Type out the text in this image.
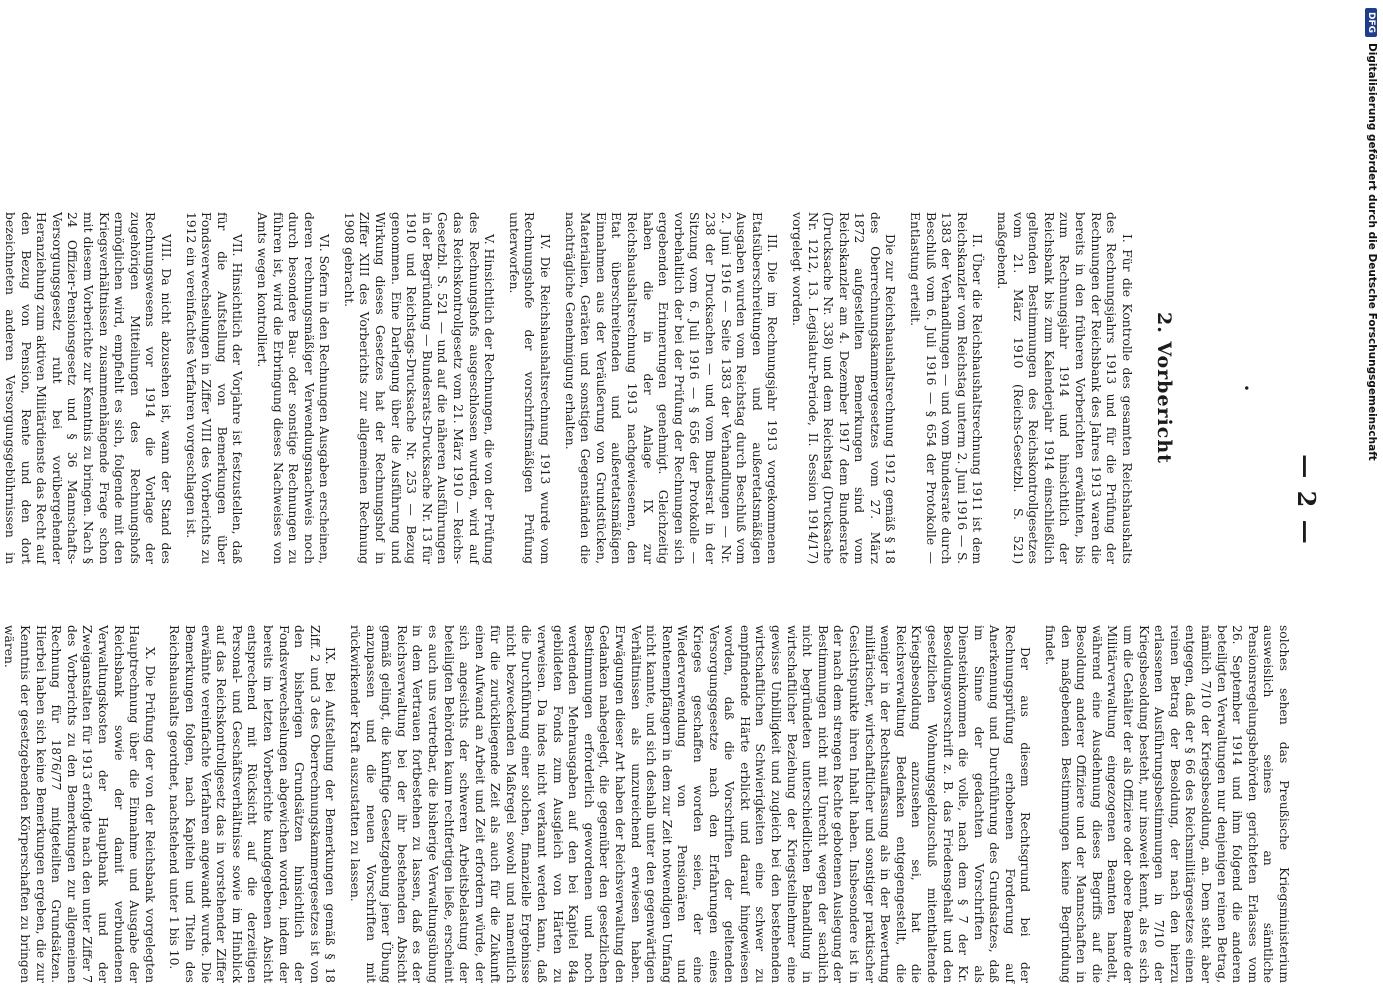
— 2 —
•
2. Vorbericht

I. Für die Kontrolle des gesamten Reichshaushalts des Rechnungsjahrs 1913 und für die Prüfung der Rechnungen der Reichsbank des Jahres 1913 waren die bereits in den früheren Vorberichten erwähnten, bis zum Rechnungsjahr 1914 und hinsichtlich der Reichsbank bis zum Kalenderjahr 1914 einschließlich geltenden Bestimmungen des Reichskontrollgesetzes vom 21. März 1910 (Reichs-Gesetzbl. S. 521) maßgebend.

II. Über die Reichshaushaltsrechnung 1911 ist dem Reichskanzler vom Reichstag unterm 2. Juni 1916 — S. 1383 der Verhandlungen — und vom Bundesrate durch Beschluß vom 6. Juli 1916 — § 654 der Protokolle — Entlastung erteilt.

Die zur Reichshaushaltsrechnung 1912 gemäß § 18 des Oberrechnungskammergesetzes vom 27. März 1872 aufgestellten Bemerkungen sind vom Reichskanzler am 4. Dezember 1917 dem Bundesrate (Drucksache Nr. 338) und dem Reichstag (Drucksache Nr. 1212, 13. Legislatur-Periode, II. Session 1914/17) vorgelegt worden.

III. Die im Rechnungsjahr 1913 vorgekommenen Etatsüberschreitungen und außeretatsmäßigen Ausgaben wurden vom Reichstag durch Beschluß vom 2. Juni 1916 — Seite 1383 der Verhandlungen — Nr. 238 der Drucksachen — und vom Bundesrat in der Sitzung vom 6. Juli 1916 — § 656 der Protokolle — vorbehaltlich der bei der Prüfung der Rechnungen sich ergebenden Erinnerungen genehmigt. Gleichzeitig haben die in der Anlage IX zur Reichshaushaltsrechnung 1913 nachgewiesenen, den Etat überschreitenden und außeretatsmäßigen Einnahmen aus der Veräußerung von Grundstücken, Materialien, Geräten und sonstigen Gegenständen die nachträgliche Genehmigung erhalten.

IV. Die Reichshaushaltsrechnung 1913 wurde vom Rechnungshofe der vorschriftsmäßigen Prüfung unterworfen.

V. Hinsichtlich der Rechnungen, die von der Prüfung des Rechnungshofs ausgeschlossen wurden, wird auf das Reichskontrollgesetz vom 21. März 1910 — Reichs-Gesetzbl. S. 521 — und auf die näheren Ausführungen in der Begründung — Bundesrats-Drucksache Nr. 13 für 1910 und Reichstags-Drucksache Nr. 253 — Bezug genommen. Eine Darlegung über die Ausführung und Wirkung dieses Gesetzes hat der Rechnungshof in Ziffer XIII des Vorberichts zur allgemeinen Rechnung 1908 gebracht.

VI. Sofern in den Rechnungen Ausgaben erscheinen, deren rechnungsmäßiger Verwendungsnachweis noch durch besondere Bau- oder sonstige Rechnungen zu führen ist, wird die Erbringung dieses Nachweises von Amts wegen kontrolliert.

VII. Hinsichtlich der Vorjahre ist festzustellen, daß für die Aufstellung von Bemerkungen über Fondsverwechselungen in Ziffer VIII des Vorberichts zu 1912 ein vereinfachtes Verfahren vorgeschlagen ist.

VIII. Da nicht abzusehen ist, wann der Stand des Rechnungswesens vor 1914 die Vorlage der zugehörigen Mitteilungen des Rechnungshofs ermöglichen wird, empfiehlt es sich, folgende mit den Kriegsverhältnissen zusammenhängende Frage schon mit diesem Vorberichte zur Kenntnis zu bringen. Nach § 24 Offizier-Pensionsgesetz und § 36 Mannschafts-Versorgungsgesetz ruht bei vorübergehender Heranziehung zum aktiven Militärdienste das Recht auf den Bezug von Pension, Rente und den dort bezeichneten anderen Versorgungsgebührnissen in

solches sehen das Preußische Kriegsministerium ausweislich seines an sämtliche Pensionsregelungsbehörden gerichteten Erlasses vom 26. September 1914 und ihm folgend die anderen beteiligten Verwaltungen nur denjenigen reinen Betrag, nämlich 7/10 der Kriegsbesoldung, an. Dem steht aber entgegen, daß der § 66 des Reichsmilitärgesetzes einen reinen Betrag der Besoldung, der nach den hierzu erlassenen Ausführungsbestimmungen in 7/10 der Kriegsbesoldung besteht, nur insoweit kennt, als es sich um die Gehälter der als Offiziere oder obere Beamte der Militärverwaltung eingezogenen Beamten handelt, während eine Ausdehnung dieses Begriffs auf die Besoldung anderer Offiziere und der Mannschaften in den maßgebenden Bestimmungen keine Begründung findet.

Der aus diesem Rechtsgrund bei der Rechnungsprüfung erhobenen Forderung auf Anerkennung und Durchführung des Grundsatzes, daß im Sinne der gedachten Vorschriften als Diensteinkommen die volle, nach dem § 7 der Kr. Besoldungsvorschrift z. B. das Friedensgehalt und den gesetzlichen Wohnungsgeldzuschuß mitenthaltende Kriegsbesoldung anzusehen sei, hat die Reichsverwaltung Bedenken entgegengestellt, die weniger in der Rechtsauffassung als in der Bewertung militärischer, wirtschaftlicher und sonstiger praktischer Gesichtspunkte ihren Inhalt haben. Insbesondere ist in der nach dem strengen Rechte gebotenen Auslegung der Bestimmungen nicht mit Unrecht wegen der sachlich nicht begründeten unterschiedlichen Behandlung in wirtschaftlicher Beziehung der Kriegsteilnehmer eine gewisse Unbilligkeit und zugleich bei den bestehenden wirtschaftlichen Schwierigkeiten eine schwer zu empfindende Härte erblickt und darauf hingewiesen worden, daß die Vorschriften der geltenden Versorgungsgesetze nach den Erfahrungen eines Krieges geschaffen worden seien, der eine Wiederverwendung von Pensionären und Rentenempfängern in dem zur Zeit notwendigen Umfang nicht kannte, und sich deshalb unter den gegenwärtigen Verhältnissen als unzureichend erwiesen haben. Erwägungen dieser Art haben der Reichsverwaltung den Gedanken nahegelegt, die gegenüber den gesetzlichen Bestimmungen erforderlich gewordenen und noch werdenden Mehrausgaben auf den bei Kapitel 84a gebildeten Fonds zum Ausgleich von Härten zu verweisen. Da indes nicht verkannt werden kann, daß die Durchführung einer solchen, finanzielle Ergebnisse nicht bezweckenden Maßregel sowohl und namentlich für die zurückliegende Zeit als auch für die Zukunft einen Aufwand an Arbeit und Zeit erfordern würde, der sich angesichts der schweren Arbeitsbelastung der beteiligten Behörden kaum rechtfertigen ließe, erscheint es auch uns vertretbar, die bisherige Verwaltungsübung in dem Vertrauen fortbestehen zu lassen, daß es der Reichsverwaltung bei der ihr bestehenden Absicht gemäß gelingt, die künftige Gesetzgebung jener Übung anzupassen und die neuen Vorschriften mit rückwirkender Kraft auszustatten zu lassen.

IX. Bei Aufstellung der Bemerkungen gemäß § 18 Ziff. 2 und 3 des Oberrechnungskammergesetzes ist von den bisherigen Grundsätzen hinsichtlich der Fondsverwechselungen abgewichen worden, indem der bereits im letzten Vorberichte kundgegebenen Absicht entsprechend mit Rücksicht auf die derzeitigen Personal- und Geschäftsverhältnisse sowie im Hinblick auf das Reichskontrollgesetz das in vorstehender Ziffer erwähnte vereinfachte Verfahren angewandt wurde. Die Bemerkungen folgen, nach Kapiteln und Titeln des Reichshaushalts geordnet, nachstehend unter 1 bis 10.

X. Die Prüfung der von der Reichsbank vorgelegten Hauptrechnung über die Einnahme und Ausgabe der Reichsbank sowie der damit verbundenen Verwaltungskosten der Hauptbank und der Zweiganstalten für 1913 erfolgte nach den unter Ziffer 7 des Vorberichts zu den Bemerkungen zur allgemeinen Rechnung für 1876/77 mitgeteilten Grundsätzen. Hierbei haben sich keine Bemerkungen ergeben, die zur Kenntnis der gesetzgebenden Körperschaften zu bringen wären.

DFGDigitalisierung gefördert durch die Deutsche Forschungsgemeinschaft
